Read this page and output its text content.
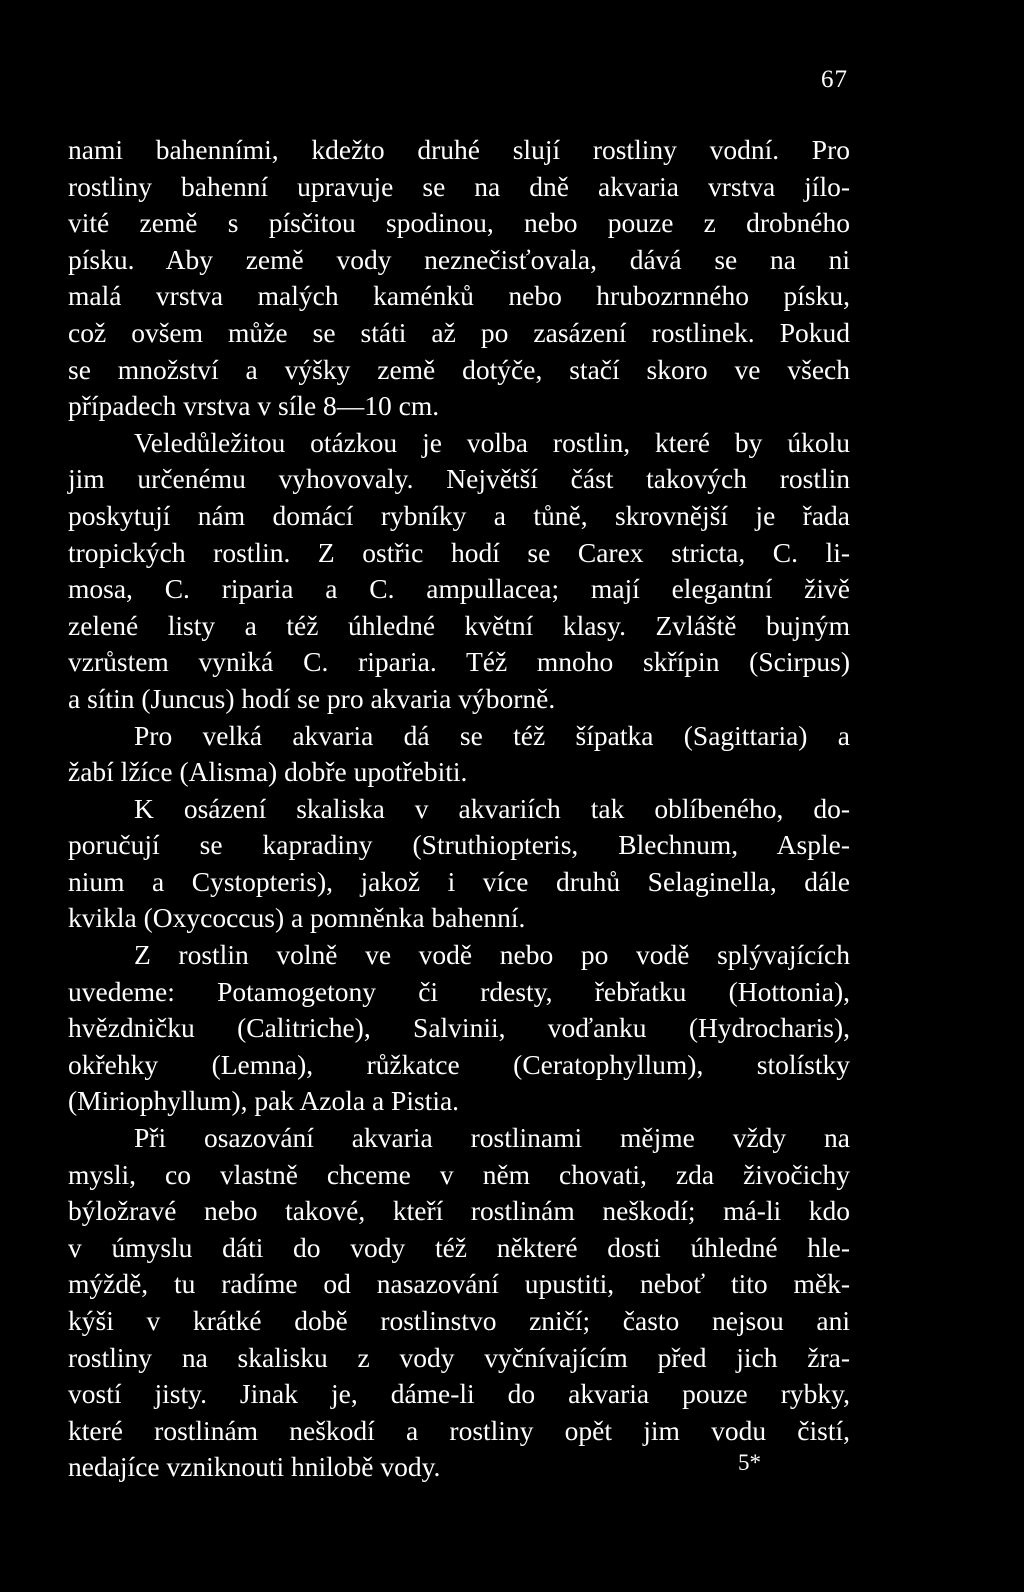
67
nami bahenními, kdežto druhé slují rostliny vodní. Pro
rostliny bahenní upravuje se na dně akvaria vrstva jílo-
vité země s písčitou spodinou, nebo pouze z drobného
písku. Aby země vody neznečisťovala, dává se na ni
malá vrstva malých kaménků nebo hrubozrnného písku,
což ovšem může se státi až po zasázení rostlinek. Pokud
se množství a výšky země dotýče, stačí skoro ve všech
případech vrstva v síle 8—10 cm.
Veledůležitou otázkou je volba rostlin, které by úkolu
jim určenému vyhovovaly. Největší část takových rostlin
poskytují nám domácí rybníky a tůně, skrovnější je řada
tropických rostlin. Z ostřic hodí se Carex stricta, C. li-
mosa, C. riparia a C. ampullacea; mají elegantní živě
zelené listy a též úhledné květní klasy. Zvláště bujným
vzrůstem vyniká C. riparia. Též mnoho skřípin (Scirpus)
a sítin (Juncus) hodí se pro akvaria výborně.
Pro velká akvaria dá se též šípatka (Sagittaria) a
žabí lžíce (Alisma) dobře upotřebiti.
K osázení skaliska v akvariích tak oblíbeného, do-
poručují se kapradiny (Struthiopteris, Blechnum, Asple-
nium a Cystopteris), jakož i více druhů Selaginella, dále
kvikla (Oxycoccus) a pomněnka bahenní.
Z rostlin volně ve vodě nebo po vodě splývajících
uvedeme: Potamogetony či rdesty, řebřatku (Hottonia),
hvězdničku (Calitriche), Salvinii, voďanku (Hydrocharis),
okřehky (Lemna), růžkatce (Ceratophyllum), stolístky
(Miriophyllum), pak Azola a Pistia.
Při osazování akvaria rostlinami mějme vždy na
mysli, co vlastně chceme v něm chovati, zda živočichy
býložravé nebo takové, kteří rostlinám neškodí; má-li kdo
v úmyslu dáti do vody též některé dosti úhledné hle-
mýždě, tu radíme od nasazování upustiti, neboť tito měk-
kýši v krátké době rostlinstvo zničí; často nejsou ani
rostliny na skalisku z vody vyčnívajícím před jich žra-
vostí jisty. Jinak je, dáme-li do akvaria pouze rybky,
které rostlinám neškodí a rostliny opět jim vodu čistí,
nedajíce vzniknouti hnilobě vody.	5*
